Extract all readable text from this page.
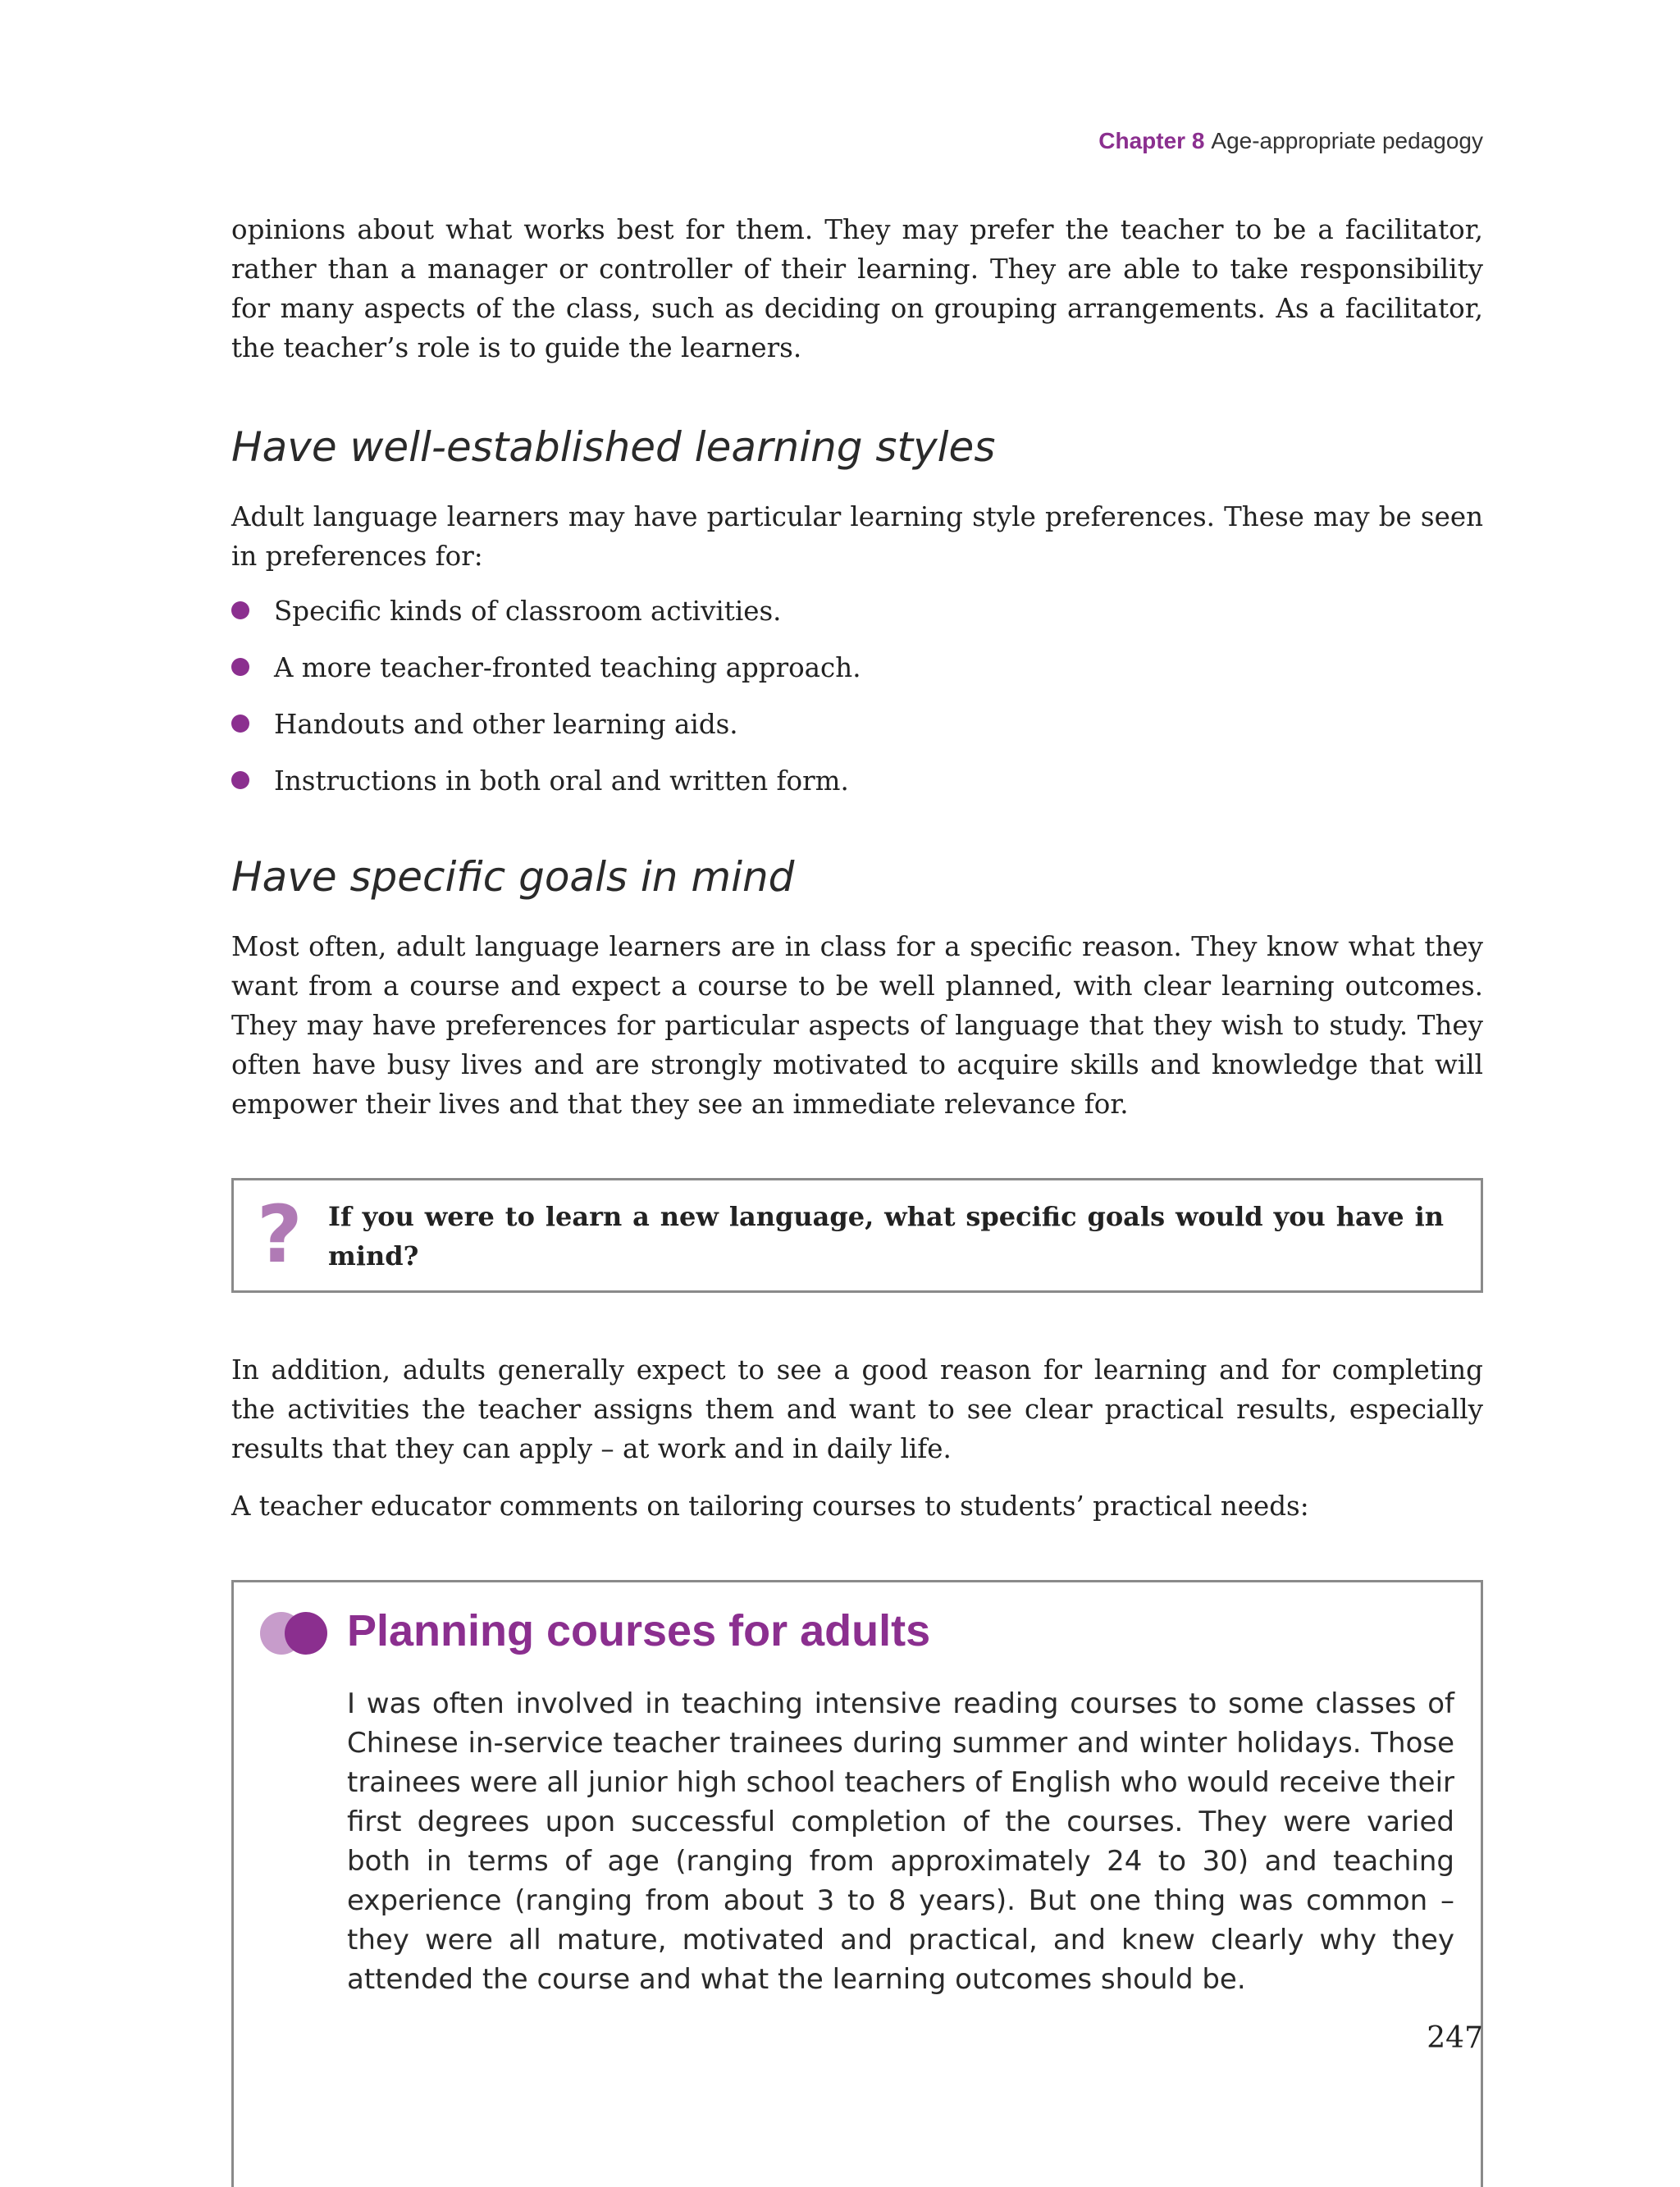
Chapter 8 Age-appropriate pedagogy

opinions about what works best for them. They may prefer the teacher to be a facilitator, rather than a manager or controller of their learning. They are able to take responsibility for many aspects of the class, such as deciding on grouping arrangements. As a facilitator, the teacher’s role is to guide the learners.

Have well-established learning styles

Adult language learners may have particular learning style preferences. These may be seen in preferences for:

Specific kinds of classroom activities.
A more teacher-fronted teaching approach.
Handouts and other learning aids.
Instructions in both oral and written form.
Have specific goals in mind

Most often, adult language learners are in class for a specific reason. They know what they want from a course and expect a course to be well planned, with clear learning outcomes. They may have preferences for particular aspects of language that they wish to study. They often have busy lives and are strongly motivated to acquire skills and knowledge that will empower their lives and that they see an immediate relevance for.

? If you were to learn a new language, what specific goals would you have in mind?

In addition, adults generally expect to see a good reason for learning and for completing the activities the teacher assigns them and want to see clear practical results, especially results that they can apply – at work and in daily life.

A teacher educator comments on tailoring courses to students’ practical needs:

Planning courses for adults

I was often involved in teaching intensive reading courses to some classes of Chinese in-service teacher trainees during summer and winter holidays. Those trainees were all junior high school teachers of English who would receive their first degrees upon successful completion of the courses. They were varied both in terms of age (ranging from approximately 24 to 30) and teaching experience (ranging from about 3 to 8 years). But one thing was common – they were all mature, motivated and practical, and knew clearly why they attended the course and what the learning outcomes should be.

247
